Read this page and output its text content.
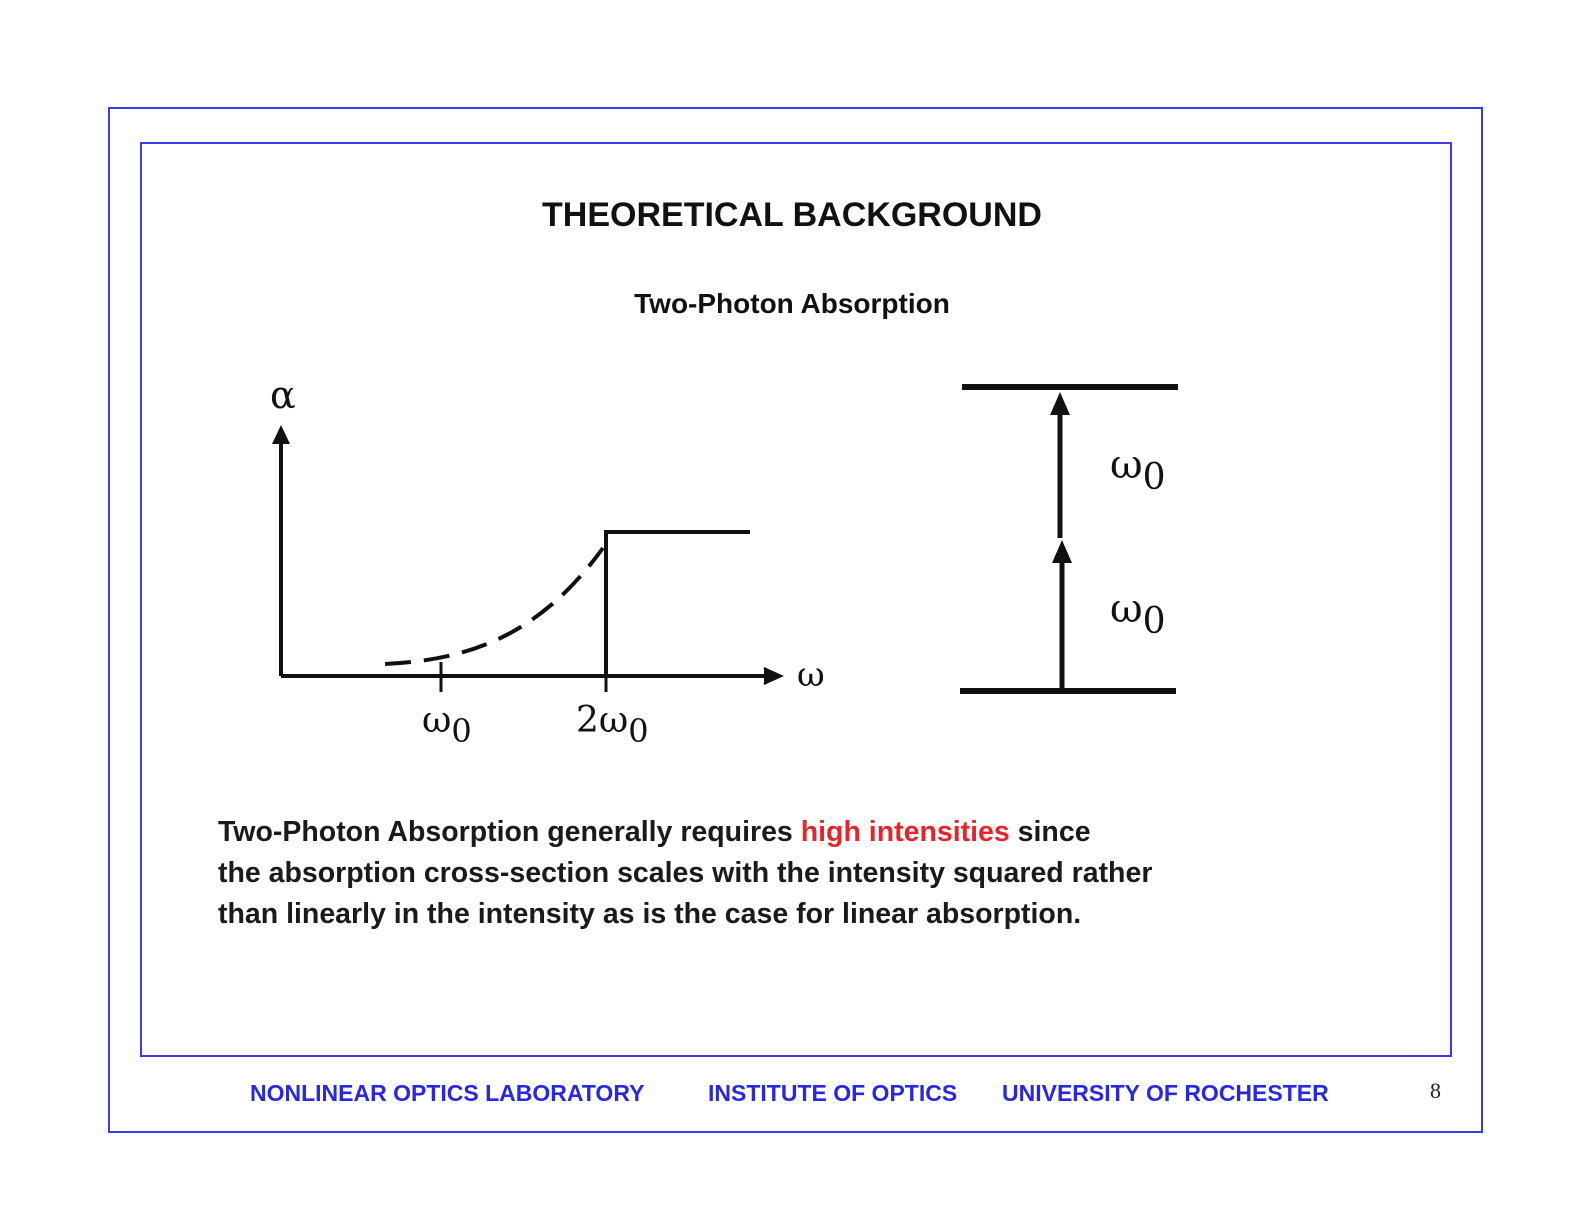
THEORETICAL BACKGROUND
Two-Photon Absorption
α
ω
ω0	2ω0
ω0
ω0

Two-Photon Absorption generally requires high intensities since

the absorption cross-section scales with the intensity squared rather

than linearly in the intensity as is the case for linear absorption.

NONLINEAR OPTICS LABORATORY	INSTITUTE OF OPTICS UNIVERSITY OF ROCHESTER	8
